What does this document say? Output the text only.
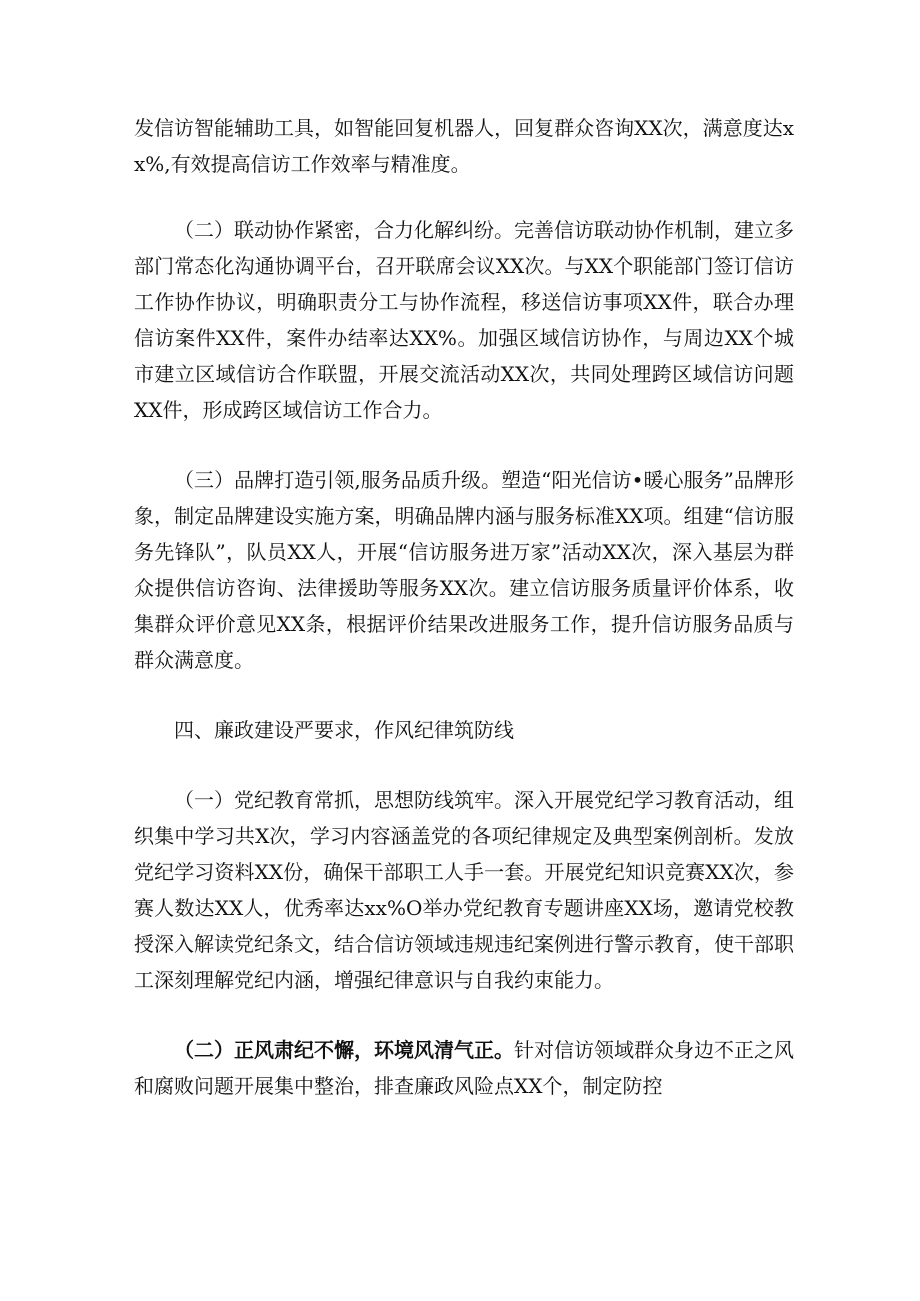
发信访智能辅助工具，如智能回复机器人，回复群众咨询XX次，满意度达xx%,有效提高信访工作效率与精准度。

（二）联动协作紧密，合力化解纠纷。完善信访联动协作机制，建立多部门常态化沟通协调平台，召开联席会议XX次。与XX个职能部门签订信访工作协作协议，明确职责分工与协作流程，移送信访事项XX件，联合办理信访案件XX件，案件办结率达XX%。加强区域信访协作，与周边XX个城市建立区域信访合作联盟，开展交流活动XX次，共同处理跨区域信访问题XX件，形成跨区域信访工作合力。

（三）品牌打造引领,服务品质升级。塑造“阳光信访•暖心服务”品牌形象，制定品牌建设实施方案，明确品牌内涵与服务标准XX项。组建“信访服务先锋队”，队员XX人，开展“信访服务进万家”活动XX次，深入基层为群众提供信访咨询、法律援助等服务XX次。建立信访服务质量评价体系，收集群众评价意见XX条，根据评价结果改进服务工作，提升信访服务品质与群众满意度。

四、廉政建设严要求，作风纪律筑防线

（一）党纪教育常抓，思想防线筑牢。深入开展党纪学习教育活动，组织集中学习共X次，学习内容涵盖党的各项纪律规定及典型案例剖析。发放党纪学习资料XX份，确保干部职工人手一套。开展党纪知识竞赛XX次，参赛人数达XX人，优秀率达xx%O举办党纪教育专题讲座XX场，邀请党校教授深入解读党纪条文，结合信访领域违规违纪案例进行警示教育，使干部职工深刻理解党纪内涵，增强纪律意识与自我约束能力。

（二）正风肃纪不懈，环境风清气正。针对信访领域群众身边不正之风和腐败问题开展集中整治，排查廉政风险点XX个，制定防控
